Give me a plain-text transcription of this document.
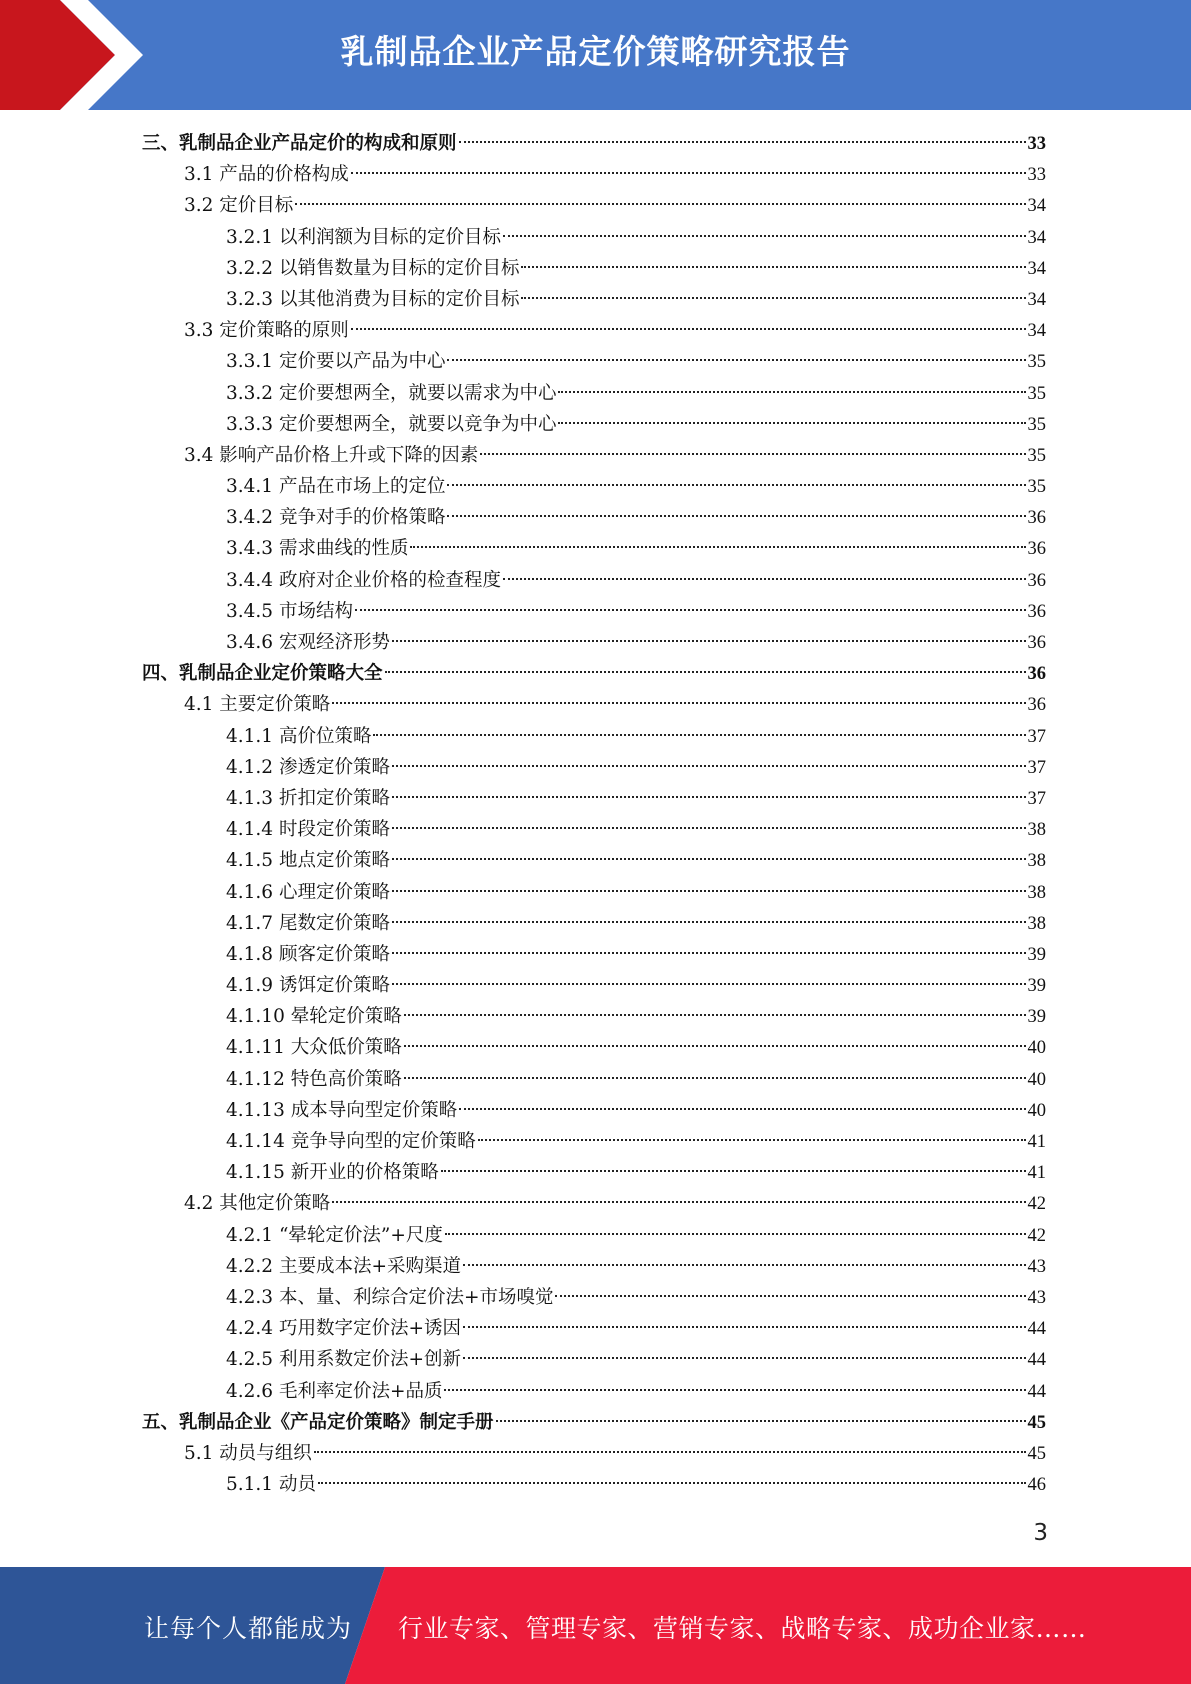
乳制品企业产品定价策略研究报告
三、乳制品企业产品定价的构成和原则	33
3.1 产品的价格构成	33
3.2 定价目标	34
3.2.1 以利润额为目标的定价目标	34
3.2.2 以销售数量为目标的定价目标	34
3.2.3 以其他消费为目标的定价目标	34
3.3 定价策略的原则	34
3.3.1 定价要以产品为中心	35
3.3.2 定价要想两全，就要以需求为中心	35
3.3.3 定价要想两全，就要以竞争为中心	35
3.4 影响产品价格上升或下降的因素	35
3.4.1 产品在市场上的定位	35
3.4.2 竞争对手的价格策略	36
3.4.3 需求曲线的性质	36
3.4.4 政府对企业价格的检查程度	36
3.4.5 市场结构	36
3.4.6 宏观经济形势	36
四、乳制品企业定价策略大全	36
4.1 主要定价策略	36
4.1.1 高价位策略	37
4.1.2 渗透定价策略	37
4.1.3 折扣定价策略	37
4.1.4 时段定价策略	38
4.1.5 地点定价策略	38
4.1.6 心理定价策略	38
4.1.7 尾数定价策略	38
4.1.8 顾客定价策略	39
4.1.9 诱饵定价策略	39
4.1.10 晕轮定价策略	39
4.1.11 大众低价策略	40
4.1.12 特色高价策略	40
4.1.13 成本导向型定价策略	40
4.1.14 竞争导向型的定价策略	41
4.1.15 新开业的价格策略	41
4.2 其他定价策略	42
4.2.1 “晕轮定价法”+尺度	42
4.2.2 主要成本法+采购渠道	43
4.2.3 本、量、利综合定价法+市场嗅觉	43
4.2.4 巧用数字定价法+诱因	44
4.2.5 利用系数定价法+创新	44
4.2.6 毛利率定价法+品质	44
五、乳制品企业《产品定价策略》制定手册	45
5.1 动员与组织	45
5.1.1 动员	46
3
让每个人都能成为 行业专家、管理专家、营销专家、战略专家、成功企业家……
